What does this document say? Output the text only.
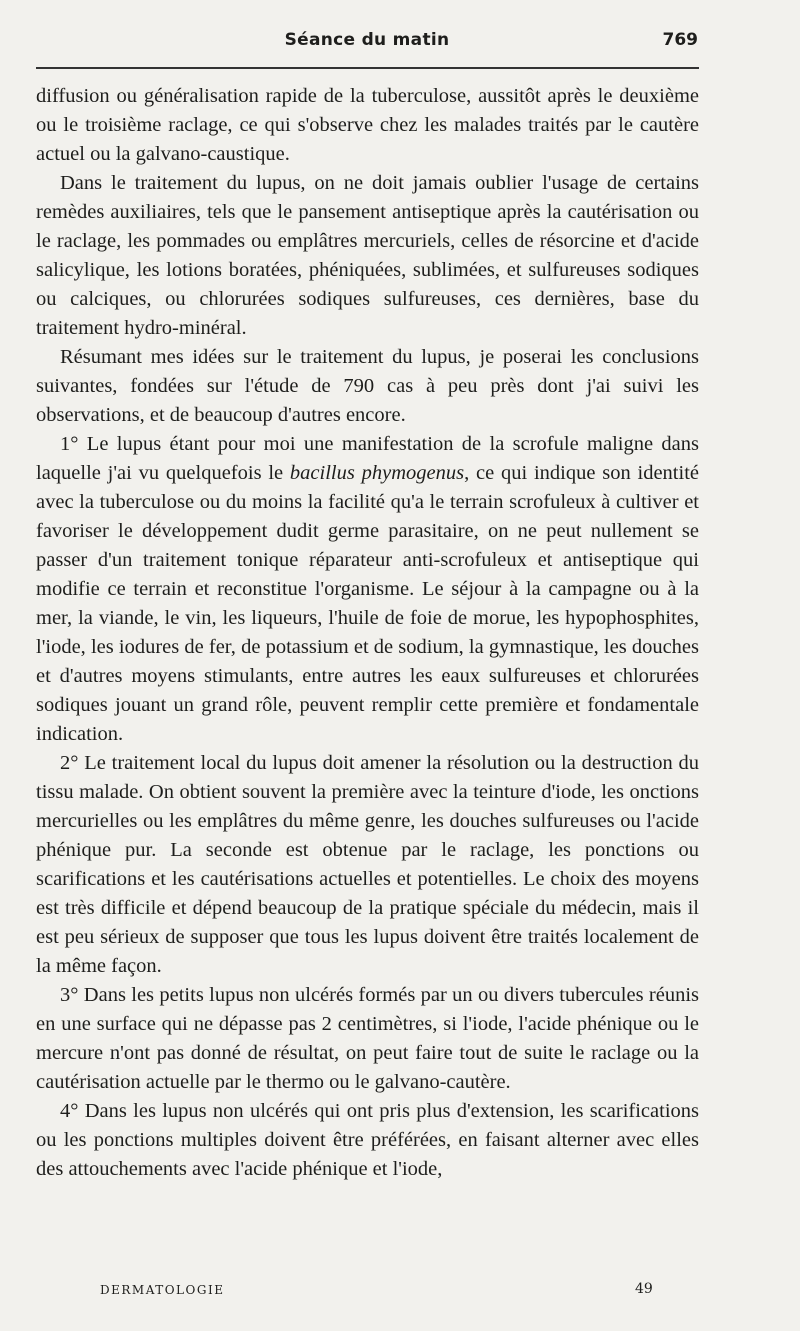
Séance du matin	769

diffusion ou généralisation rapide de la tuberculose, aussitôt après le deuxième ou le troisième raclage, ce qui s'observe chez les malades traités par le cautère actuel ou la galvano-caustique.

Dans le traitement du lupus, on ne doit jamais oublier l'usage de certains remèdes auxiliaires, tels que le pansement antiseptique après la cautérisation ou le raclage, les pommades ou emplâtres mercuriels, celles de résorcine et d'acide salicylique, les lotions boratées, phéniquées, sublimées, et sulfureuses sodiques ou calciques, ou chlorurées sodiques sulfureuses, ces dernières, base du traitement hydro-minéral.

Résumant mes idées sur le traitement du lupus, je poserai les conclusions suivantes, fondées sur l'étude de 790 cas à peu près dont j'ai suivi les observations, et de beaucoup d'autres encore.

1° Le lupus étant pour moi une manifestation de la scrofule maligne dans laquelle j'ai vu quelquefois le bacillus phymogenus, ce qui indique son identité avec la tuberculose ou du moins la facilité qu'a le terrain scrofuleux à cultiver et favoriser le développement dudit germe parasitaire, on ne peut nullement se passer d'un traitement tonique réparateur anti-scrofuleux et antiseptique qui modifie ce terrain et reconstitue l'organisme. Le séjour à la campagne ou à la mer, la viande, le vin, les liqueurs, l'huile de foie de morue, les hypophosphites, l'iode, les iodures de fer, de potassium et de sodium, la gymnastique, les douches et d'autres moyens stimulants, entre autres les eaux sulfureuses et chlorurées sodiques jouant un grand rôle, peuvent remplir cette première et fondamentale indication.

2° Le traitement local du lupus doit amener la résolution ou la destruction du tissu malade. On obtient souvent la première avec la teinture d'iode, les onctions mercurielles ou les emplâtres du même genre, les douches sulfureuses ou l'acide phénique pur. La seconde est obtenue par le raclage, les ponctions ou scarifications et les cautérisations actuelles et potentielles. Le choix des moyens est très difficile et dépend beaucoup de la pratique spéciale du médecin, mais il est peu sérieux de supposer que tous les lupus doivent être traités localement de la même façon.

3° Dans les petits lupus non ulcérés formés par un ou divers tubercules réunis en une surface qui ne dépasse pas 2 centimètres, si l'iode, l'acide phénique ou le mercure n'ont pas donné de résultat, on peut faire tout de suite le raclage ou la cautérisation actuelle par le thermo ou le galvano-cautère.

4° Dans les lupus non ulcérés qui ont pris plus d'extension, les scarifications ou les ponctions multiples doivent être préférées, en faisant alterner avec elles des attouchements avec l'acide phénique et l'iode,

DERMATOLOGIE	49
